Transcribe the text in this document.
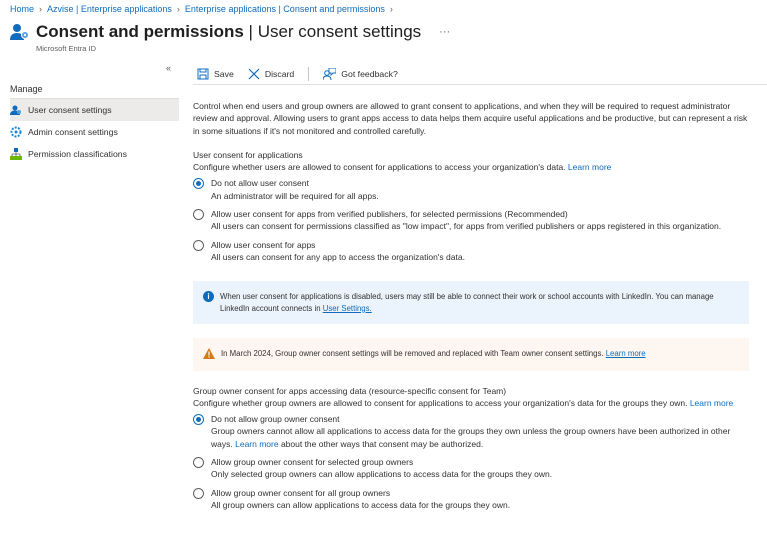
Home › Azvise | Enterprise applications › Enterprise applications | Consent and permissions ›
Consent and permissions | User consent settings ···
Microsoft Entra ID
«
Manage
User consent settings
Admin consent settings
Permission classifications
Save	Discard	Got feedback?

Control when end users and group owners are allowed to grant consent to applications, and when they will be required to request administrator review and approval. Allowing users to grant apps access to data helps them acquire useful applications and be productive, but can represent a risk in some situations if it's not monitored and controlled carefully.

User consent for applications
Configure whether users are allowed to consent for applications to access your organization's data. Learn more
Do not allow user consent
An administrator will be required for all apps.
Allow user consent for apps from verified publishers, for selected permissions (Recommended)
All users can consent for permissions classified as "low impact", for apps from verified publishers or apps registered in this organization.
Allow user consent for apps
All users can consent for any app to access the organization's data.
i	When user consent for applications is disabled, users may still be able to connect their work or school accounts with LinkedIn. You can manage LinkedIn account connects in User Settings.
In March 2024, Group owner consent settings will be removed and replaced with Team owner consent settings. Learn more
Group owner consent for apps accessing data (resource-specific consent for Team)
Configure whether group owners are allowed to consent for applications to access your organization's data for the groups they own. Learn more
Do not allow group owner consent
Group owners cannot allow all applications to access data for the groups they own unless the group owners have been authorized in other ways. Learn more about the other ways that consent may be authorized.
Allow group owner consent for selected group owners
Only selected group owners can allow applications to access data for the groups they own.
Allow group owner consent for all group owners
All group owners can allow applications to access data for the groups they own.
